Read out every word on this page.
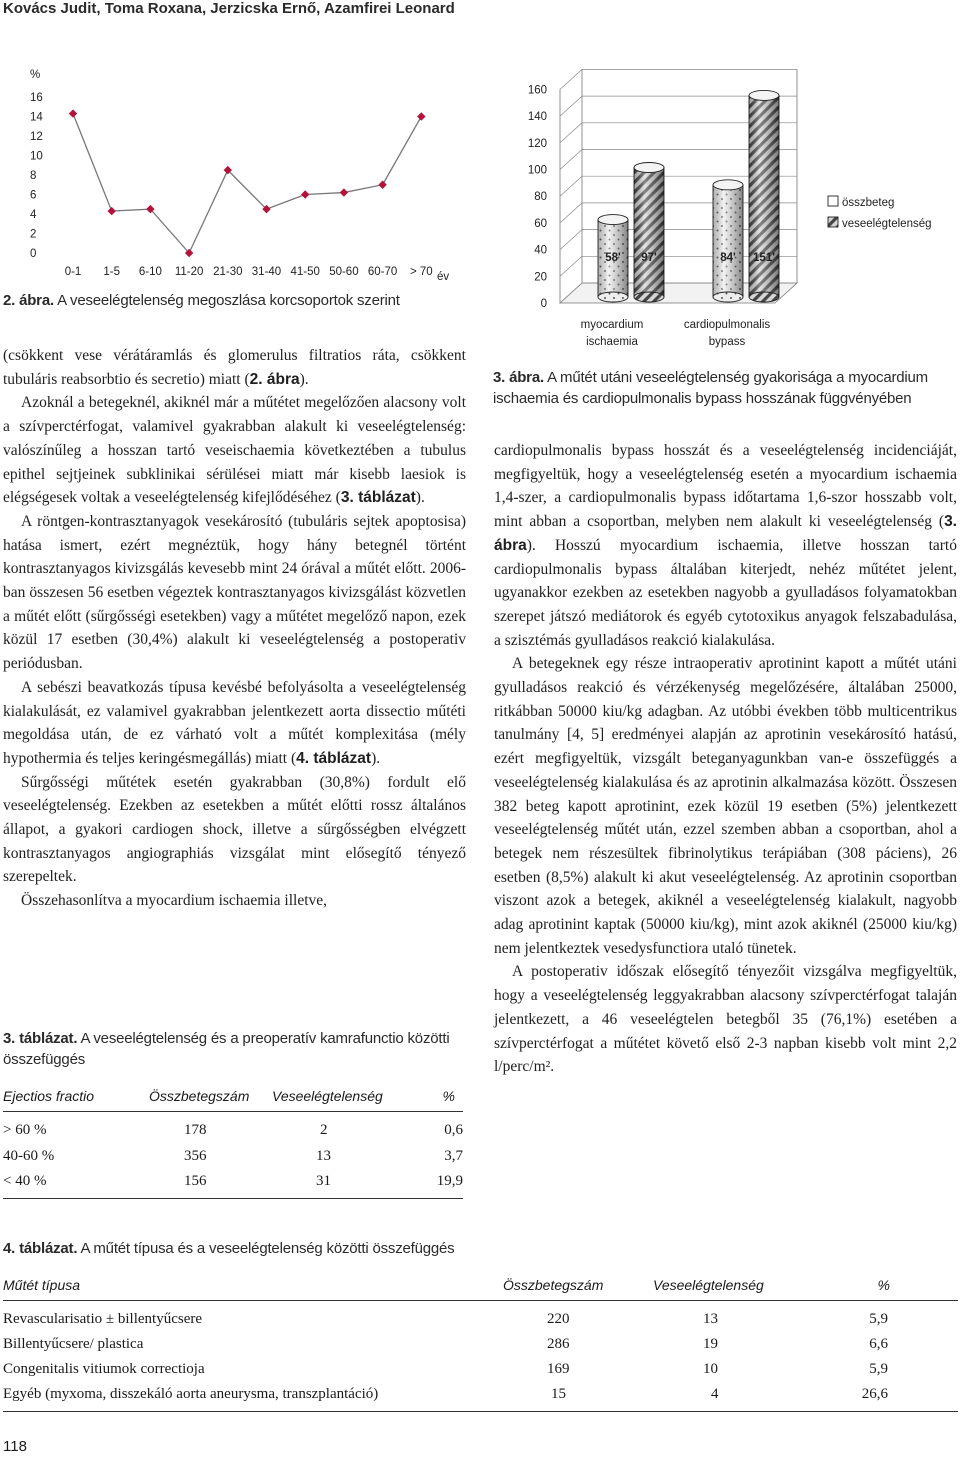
Kovács Judit, Toma Roxana, Jerzicska Ernő, Azamfirei Leonard
16
14
12
10
8
6
4
2
0
0-1 1-5 6-10 11-20 21-30 31-40 41-50 50-60 60-70 > 70
%
év
2. ábra. A veseelégtelenség megoszlása korcsoportok szerint
160
140
120
100
80
60
40
20
0
58' 97'	84' 151'
myocardium
ischaemia
cardiopulmonalis
bypass
összbeteg
veseelégtelenség
3. ábra. A műtét utáni veseelégtelenség gyakorisága a myocardium ischaemia és cardiopulmonalis bypass hosszának függvényében

(csökkent vese vérátáramlás és glomerulus filtratios ráta, csökkent tubuláris reabsorbtio és secretio) miatt (2. ábra).

Azoknál a betegeknél, akiknél már a műtétet megelőzően alacsony volt a szívperctérfogat, valamivel gyakrabban alakult ki veseelégtelenség: valószínűleg a hosszan tartó veseischaemia következtében a tubulus epithel sejtjeinek subklinikai sérülései miatt már kisebb laesiok is elégségesek voltak a veseelégtelenség kifejlődéséhez (3. táblázat).

A röntgen-kontrasztanyagok vesekárosító (tubuláris sejtek apoptosisa) hatása ismert, ezért megnéztük, hogy hány betegnél történt kontrasztanyagos kivizsgálás kevesebb mint 24 órával a műtét előtt. 2006-ban összesen 56 esetben végeztek kontrasztanyagos kivizsgálást közvetlen a műtét előtt (sűrgősségi esetekben) vagy a műtétet megelőző napon, ezek közül 17 esetben (30,4%) alakult ki veseelégtelenség a postoperativ periódusban.

A sebészi beavatkozás típusa kevésbé befolyásolta a veseelégtelenség kialakulását, ez valamivel gyakrabban jelentkezett aorta dissectio műtéti megoldása után, de ez várható volt a műtét komplexitása (mély hypothermia és teljes keringésmegállás) miatt (4. táblázat).

Sűrgősségi műtétek esetén gyakrabban (30,8%) fordult elő veseelégtelenség. Ezekben az esetekben a műtét előtti rossz általános állapot, a gyakori cardiogen shock, illetve a sűrgősségben elvégzett kontrasztanyagos angiographiás vizsgálat mint elősegítő tényező szerepeltek.

Összehasonlítva a myocardium ischaemia illetve,

3. táblázat. A veseelégtelenség és a preoperatív kamrafunctio közötti összefüggés
Ejectios fractio	Összbetegszám	Veseelégtelenség	%
> 60 %	178	2	0,6
40-60 %	356	13	3,7
< 40 %	156	31	19,9

cardiopulmonalis bypass hosszát és a veseelégtelenség incidenciáját, megfigyeltük, hogy a veseelégtelenség esetén a myocardium ischaemia 1,4-szer, a cardiopulmonalis bypass időtartama 1,6-szor hosszabb volt, mint abban a csoportban, melyben nem alakult ki veseelégtelenség (3. ábra). Hosszú myocardium ischaemia, illetve hosszan tartó cardiopulmonalis bypass általában kiterjedt, nehéz műtétet jelent, ugyanakkor ezekben az esetekben nagyobb a gyulladásos folyamatokban szerepet játszó mediátorok és egyéb cytotoxikus anyagok felszabadulása, a szisztémás gyulladásos reakció kialakulása.

A betegeknek egy része intraoperativ aprotinint kapott a műtét utáni gyulladásos reakció és vérzékenység megelőzésére, általában 25000, ritkábban 50000 kiu/kg adagban. Az utóbbi években több multicentrikus tanulmány [4, 5] eredményei alapján az aprotinin vesekárosító hatású, ezért megfigyeltük, vizsgált beteganyagunkban van-e összefüggés a veseelégtelenség kialakulása és az aprotinin alkalmazása között. Összesen 382 beteg kapott aprotinint, ezek közül 19 esetben (5%) jelentkezett veseelégtelenség műtét után, ezzel szemben abban a csoportban, ahol a betegek nem részesültek fibrinolytikus terápiában (308 páciens), 26 esetben (8,5%) alakult ki akut veseelégtelenség. Az aprotinin csoportban viszont azok a betegek, akiknél a veseelégtelenség kialakult, nagyobb adag aprotinint kaptak (50000 kiu/kg), mint azok akiknél (25000 kiu/kg) nem jelentkeztek vesedysfunctiora utaló tünetek.

A postoperativ időszak elősegítő tényezőit vizsgálva megfigyeltük, hogy a veseelégtelenség leggyakrabban alacsony szívperctérfogat talaján jelentkezett, a 46 veseelégtelen betegből 35 (76,1%) esetében a szívperctérfogat a műtétet követő első 2-3 napban kisebb volt mint 2,2 l/perc/m².

4. táblázat. A műtét típusa és a veseelégtelenség közötti összefüggés
Műtét típusa	Összbetegszám	Veseelégtelenség	%
Revascularisatio ± billentyűcsere	220	13	5,9
Billentyűcsere/ plastica	286	19	6,6
Congenitalis vitiumok correctioja	169	10	5,9
Egyéb (myxoma, disszekáló aorta aneurysma, transzplantáció)	15	4	26,6
118
